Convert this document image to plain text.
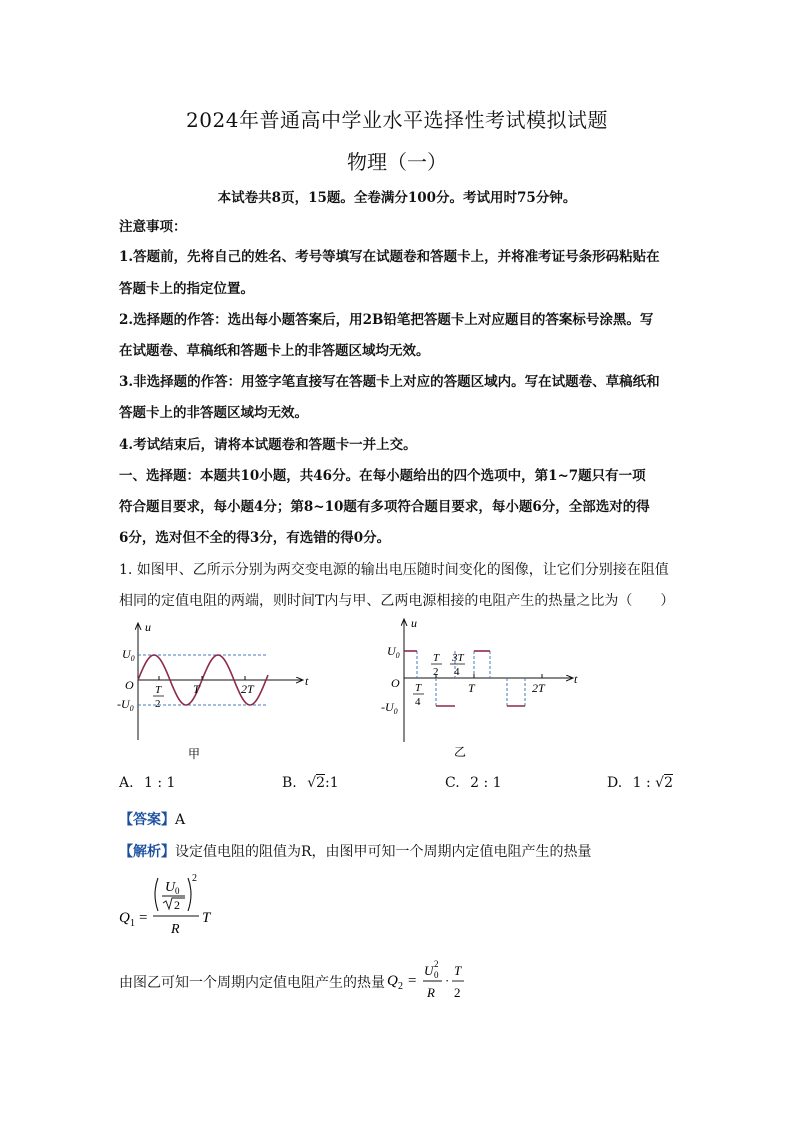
2024年普通高中学业水平选择性考试模拟试题
物理（一）
本试卷共8页，15题。全卷满分100分。考试用时75分钟。
注意事项：
1.答题前，先将自己的姓名、考号等填写在试题卷和答题卡上，并将准考证号条形码粘贴在
答题卡上的指定位置。
2.选择题的作答：选出每小题答案后，用2B铅笔把答题卡上对应题目的答案标号涂黑。写
在试题卷、草稿纸和答题卡上的非答题区域均无效。
3.非选择题的作答：用签字笔直接写在答题卡上对应的答题区域内。写在试题卷、草稿纸和
答题卡上的非答题区域均无效。
4.考试结束后，请将本试题卷和答题卡一并上交。
一、选择题：本题共10小题，共46分。在每小题给出的四个选项中，第1~7题只有一项
符合题目要求，每小题4分；第8~10题有多项符合题目要求，每小题6分，全部选对的得
6分，选对但不全的得3分，有选错的得0分。
1. 如图甲、乙所示分别为两交变电源的输出电压随时间变化的图像，让它们分别接在阻值
相同的定值电阻的两端，则时间T内与甲、乙两电源相接的电阻产生的热量之比为（　　）
u
t
O
$U_0$
$-U_0$
T
2
T	2T
甲
u
t
O
$U_0$
$-U_0$
T
2
3T
4
T
4
T	2T
乙
A. 1 : 1	B. √2:1	C. 2 : 1	D. 1 : √2
【答案】A
【解析】设定值电阻的阻值为R，由图甲可知一个周期内定值电阻产生的热量
Q 1 =
U 0
2
2
R
T
由图乙可知一个周期内定值电阻产生的热量 Q 2 =
U 2
0
R
·
T
2
